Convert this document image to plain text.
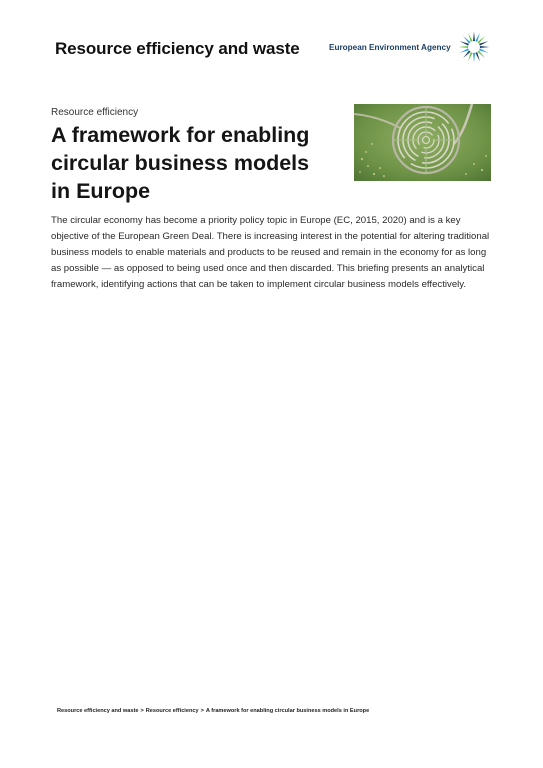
Resource efficiency and waste	European Environment Agency
Resource efficiency
A framework for enabling circular business models in Europe

The circular economy has become a priority policy topic in Europe (EC, 2015, 2020) and is a key objective of the European Green Deal. There is increasing interest in the potential for altering traditional business models to enable materials and products to be reused and remain in the economy for as long as possible — as opposed to being used once and then discarded. This briefing presents an analytical framework, identifying actions that can be taken to implement circular business models effectively.

Resource efficiency and waste > Resource efficiency > A framework for enabling circular business models in Europe
